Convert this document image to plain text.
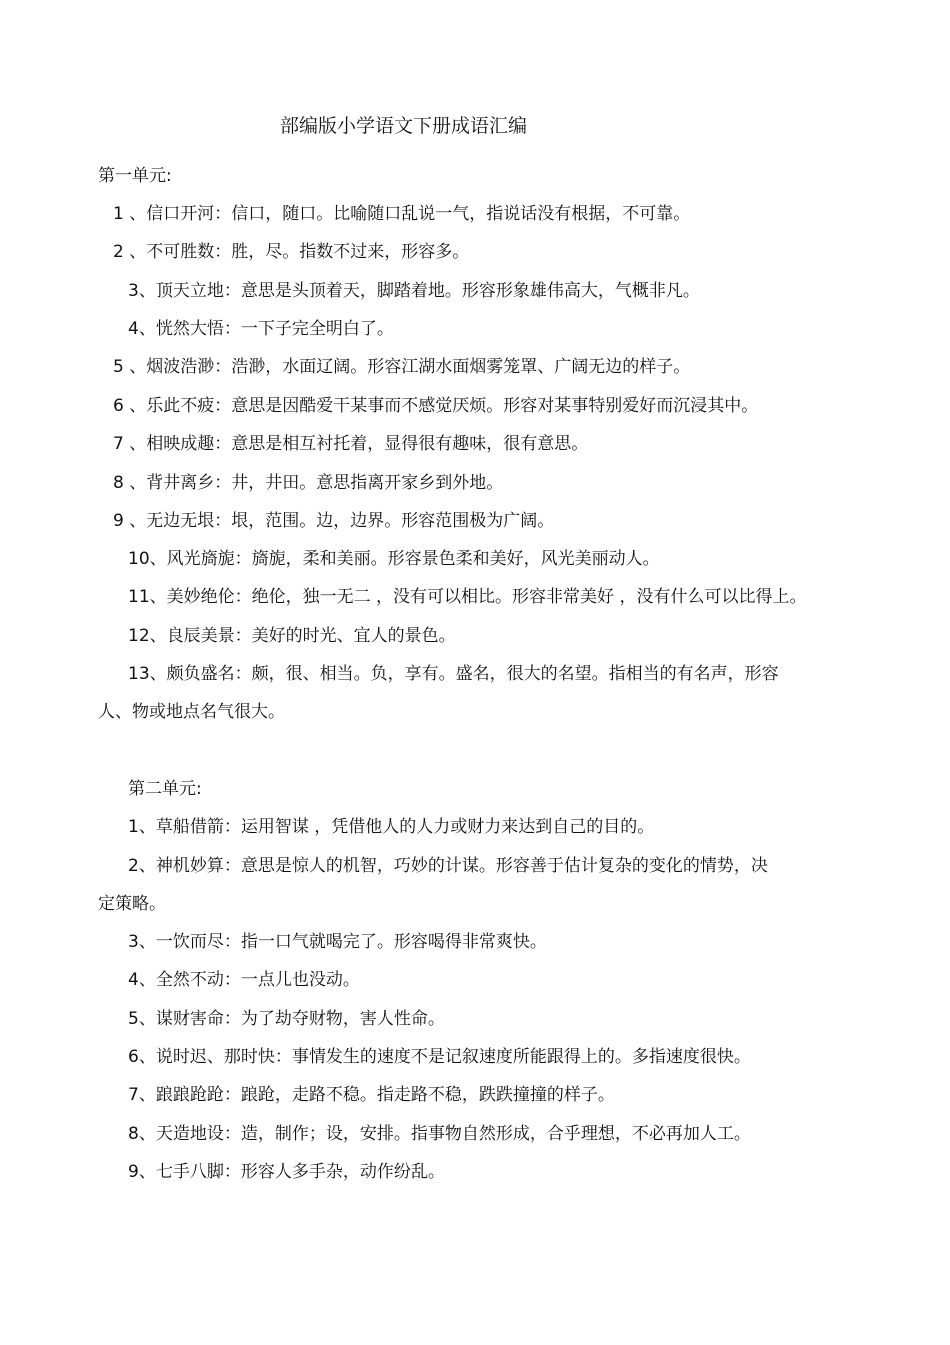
部编版小学语文下册成语汇编
第一单元:
1 、信口开河：信口，随口。比喻随口乱说一气，指说话没有根据，不可靠。
2 、不可胜数：胜，尽。指数不过来，形容多。
3、顶天立地：意思是头顶着天，脚踏着地。形容形象雄伟高大，气概非凡。
4、恍然大悟：一下子完全明白了。
5 、烟波浩渺：浩渺，水面辽阔。形容江湖水面烟雾笼罩、广阔无边的样子。
6 、乐此不疲：意思是因酷爱干某事而不感觉厌烦。形容对某事特别爱好而沉浸其中。
7 、相映成趣：意思是相互衬托着，显得很有趣味，很有意思。
8 、背井离乡：井，井田。意思指离开家乡到外地。
9 、无边无垠：垠，范围。边，边界。形容范围极为广阔。
10、风光旖旎：旖旎，柔和美丽。形容景色柔和美好，风光美丽动人。
11、美妙绝伦：绝伦，独一无二 ，没有可以相比。形容非常美好 ，没有什么可以比得上。
12、良辰美景：美好的时光、宜人的景色。
13、颇负盛名：颇，很、相当。负，享有。盛名，很大的名望。指相当的有名声，形容
人、物或地点名气很大。
第二单元:
1、草船借箭：运用智谋 ，凭借他人的人力或财力来达到自己的目的。
2、神机妙算：意思是惊人的机智，巧妙的计谋。形容善于估计复杂的变化的情势，决
定策略。
3、一饮而尽：指一口气就喝完了。形容喝得非常爽快。
4、全然不动：一点儿也没动。
5、谋财害命：为了劫夺财物，害人性命。
6、说时迟、那时快：事情发生的速度不是记叙速度所能跟得上的。多指速度很快。
7、踉踉跄跄：踉跄，走路不稳。指走路不稳，跌跌撞撞的样子。
8、天造地设：造，制作；设，安排。指事物自然形成，合乎理想，不必再加人工。
9、七手八脚：形容人多手杂，动作纷乱。
